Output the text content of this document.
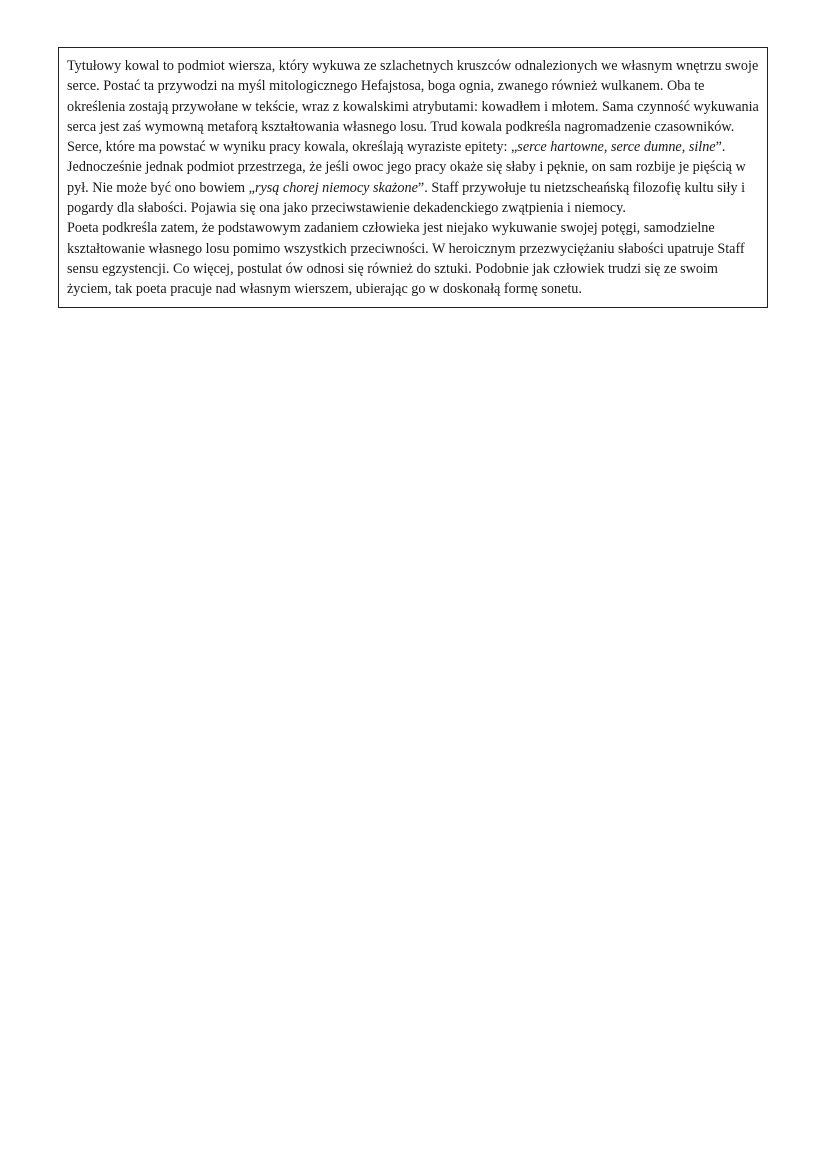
Tytułowy kowal to podmiot wiersza, który wykuwa ze szlachetnych kruszców odnalezionych we własnym wnętrzu swoje serce. Postać ta przywodzi na myśl mitologicznego Hefajstosa, boga ognia, zwanego również wulkanem. Oba te określenia zostają przywołane w tekście, wraz z kowalskimi atrybutami: kowadłem i młotem. Sama czynność wykuwania serca jest zaś wymowną metaforą kształtowania własnego losu. Trud kowala podkreśla nagromadzenie czasowników.

Serce, które ma powstać w wyniku pracy kowala, określają wyraziste epitety: „serce hartowne, serce dumne, silne”. Jednocześnie jednak podmiot przestrzega, że jeśli owoc jego pracy okaże się słaby i pęknie, on sam rozbije je pięścią w pył. Nie może być ono bowiem „rysą chorej niemocy skażone”. Staff przywołuje tu nietzscheańską filozofię kultu siły i pogardy dla słabości. Pojawia się ona jako przeciwstawienie dekadenckiego zwątpienia i niemocy.

Poeta podkreśla zatem, że podstawowym zadaniem człowieka jest niejako wykuwanie swojej potęgi, samodzielne kształtowanie własnego losu pomimo wszystkich przeciwności. W heroicznym przezwyciężaniu słabości upatruje Staff sensu egzystencji. Co więcej, postulat ów odnosi się również do sztuki. Podobnie jak człowiek trudzi się ze swoim życiem, tak poeta pracuje nad własnym wierszem, ubierając go w doskonałą formę sonetu.
